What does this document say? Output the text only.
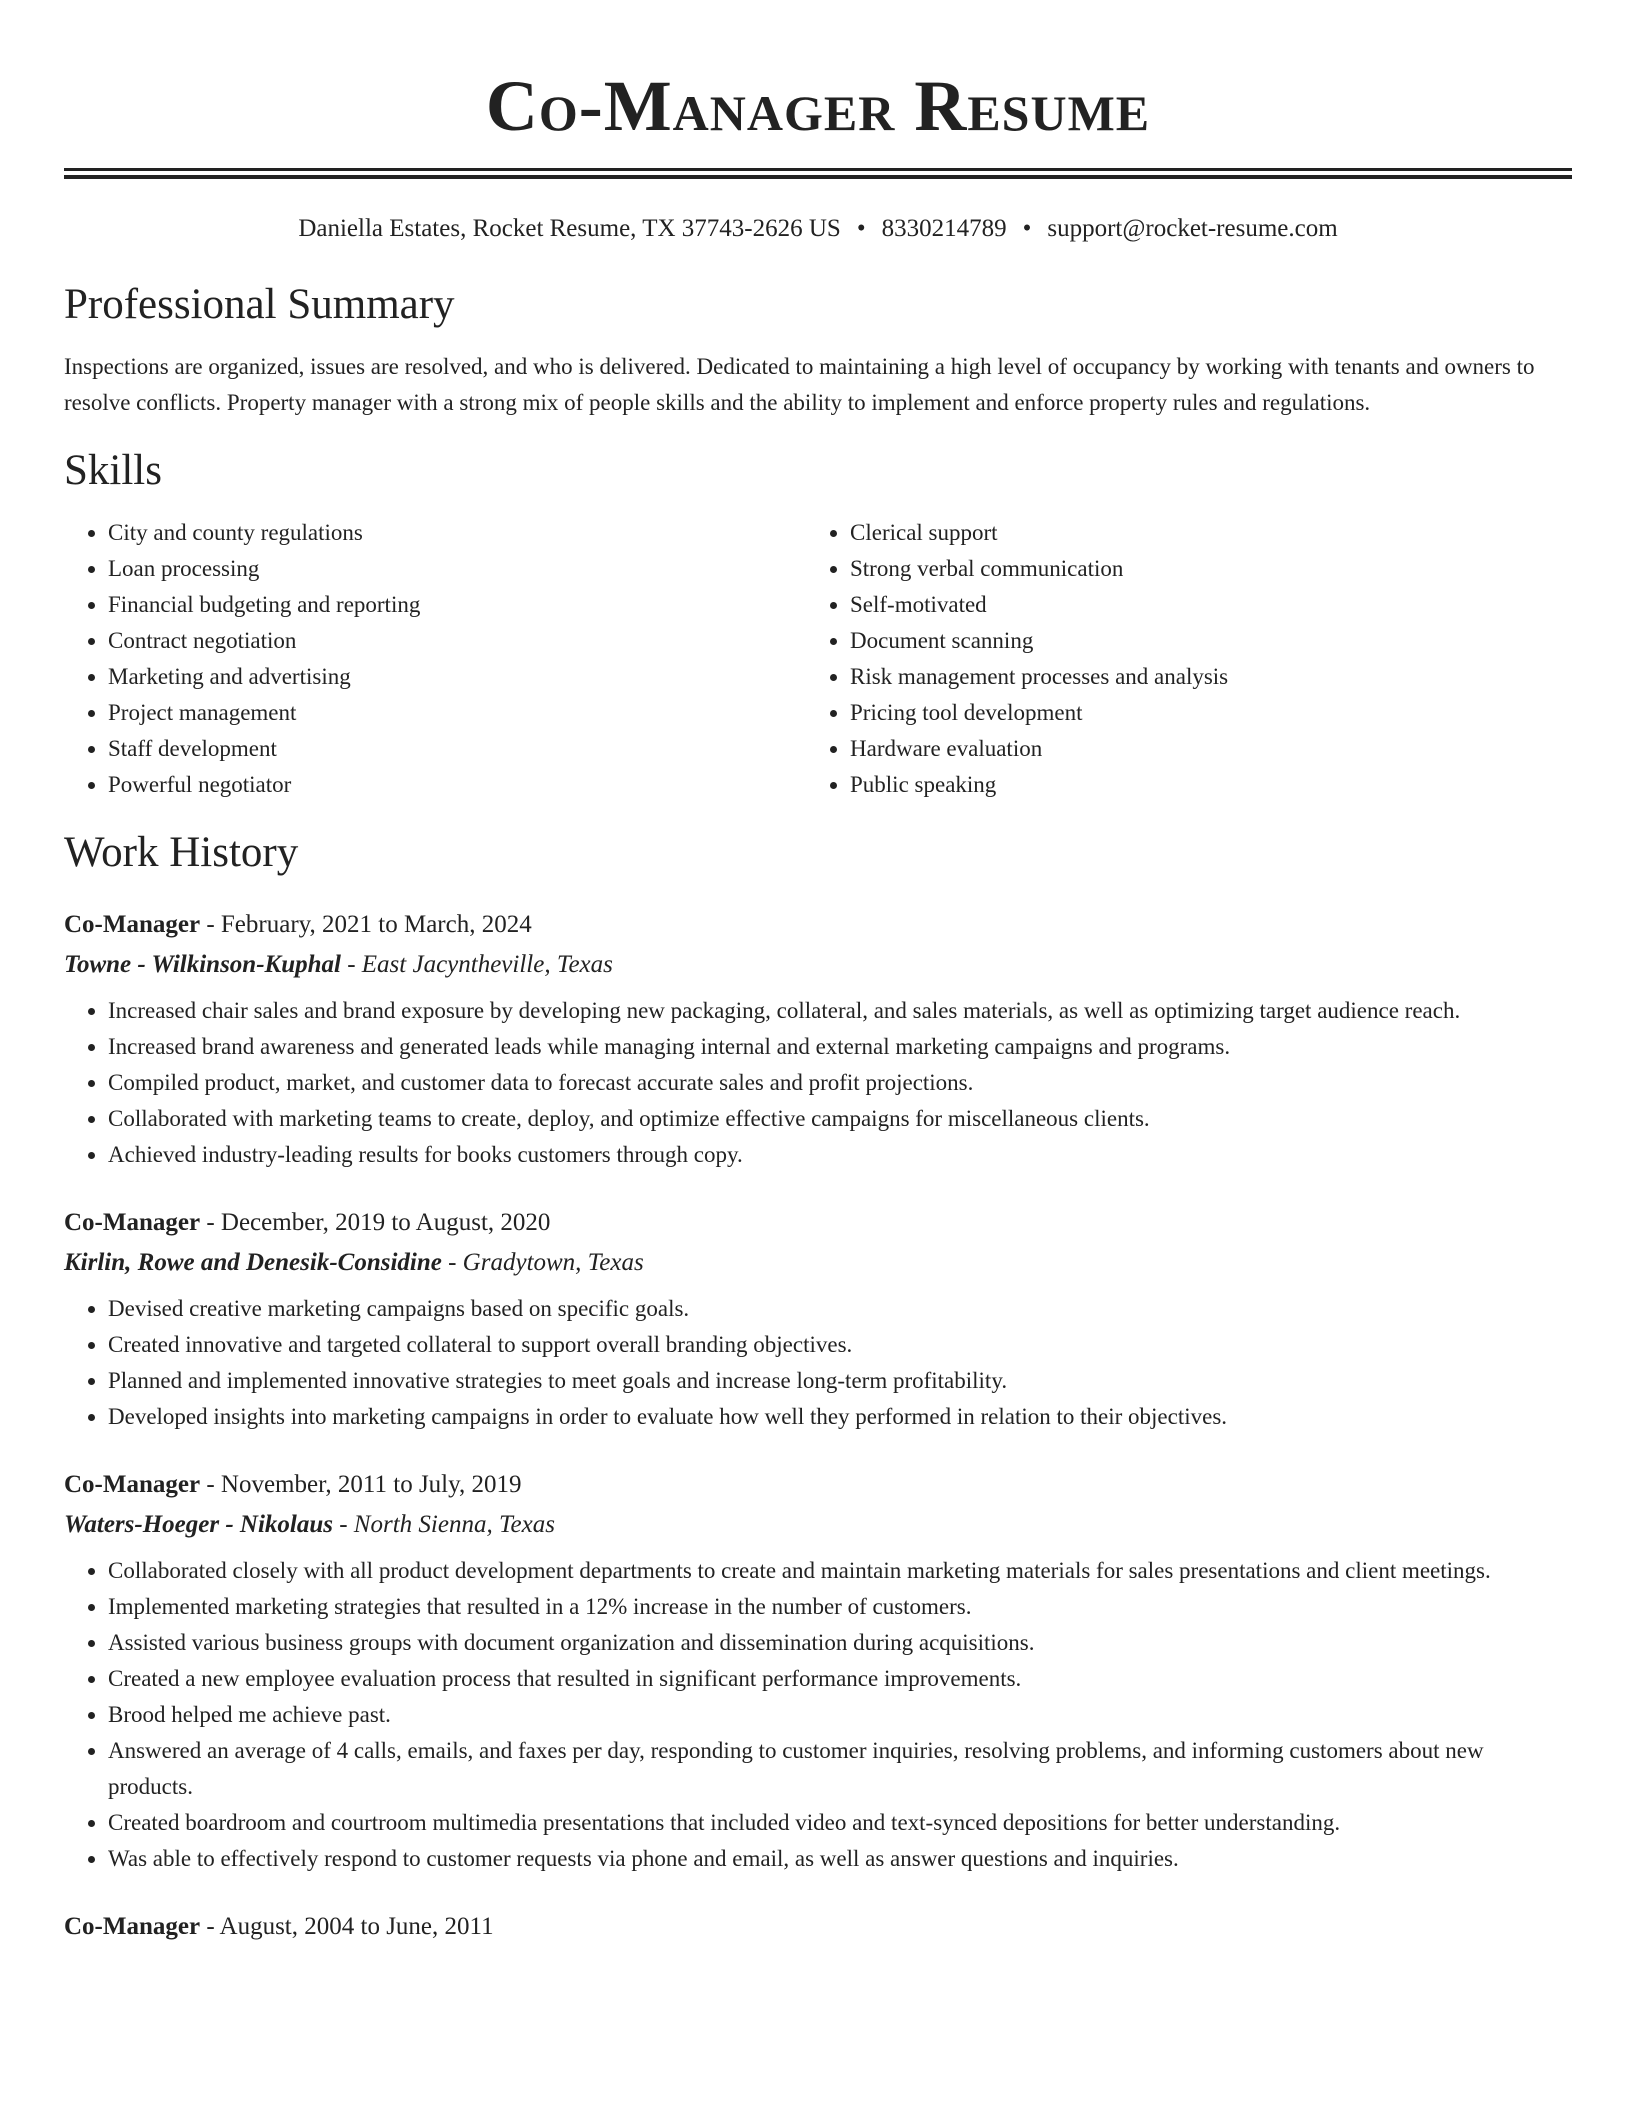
Co-Manager Resume
Daniella Estates, Rocket Resume, TX 37743-2626 US • 8330214789 • support@rocket-resume.com
Professional Summary
Inspections are organized, issues are resolved, and who is delivered. Dedicated to maintaining a high level of occupancy by working with tenants and owners to resolve conflicts. Property manager with a strong mix of people skills and the ability to implement and enforce property rules and regulations.
Skills
• City and county regulations
• Loan processing
• Financial budgeting and reporting
• Contract negotiation
• Marketing and advertising
• Project management
• Staff development
• Powerful negotiator
• Clerical support
• Strong verbal communication
• Self-motivated
• Document scanning
• Risk management processes and analysis
• Pricing tool development
• Hardware evaluation
• Public speaking
Work History
Co-Manager - February, 2021 to March, 2024
Towne - Wilkinson-Kuphal - East Jacyntheville, Texas
• Increased chair sales and brand exposure by developing new packaging, collateral, and sales materials, as well as optimizing target audience reach.
• Increased brand awareness and generated leads while managing internal and external marketing campaigns and programs.
• Compiled product, market, and customer data to forecast accurate sales and profit projections.
• Collaborated with marketing teams to create, deploy, and optimize effective campaigns for miscellaneous clients.
• Achieved industry-leading results for books customers through copy.
Co-Manager - December, 2019 to August, 2020
Kirlin, Rowe and Denesik-Considine - Gradytown, Texas
• Devised creative marketing campaigns based on specific goals.
• Created innovative and targeted collateral to support overall branding objectives.
• Planned and implemented innovative strategies to meet goals and increase long-term profitability.
• Developed insights into marketing campaigns in order to evaluate how well they performed in relation to their objectives.
Co-Manager - November, 2011 to July, 2019
Waters-Hoeger - Nikolaus - North Sienna, Texas
• Collaborated closely with all product development departments to create and maintain marketing materials for sales presentations and client meetings.
• Implemented marketing strategies that resulted in a 12% increase in the number of customers.
• Assisted various business groups with document organization and dissemination during acquisitions.
• Created a new employee evaluation process that resulted in significant performance improvements.
• Brood helped me achieve past.
• Answered an average of 4 calls, emails, and faxes per day, responding to customer inquiries, resolving problems, and informing customers about new products.
• Created boardroom and courtroom multimedia presentations that included video and text-synced depositions for better understanding.
• Was able to effectively respond to customer requests via phone and email, as well as answer questions and inquiries.
Co-Manager - August, 2004 to June, 2011
